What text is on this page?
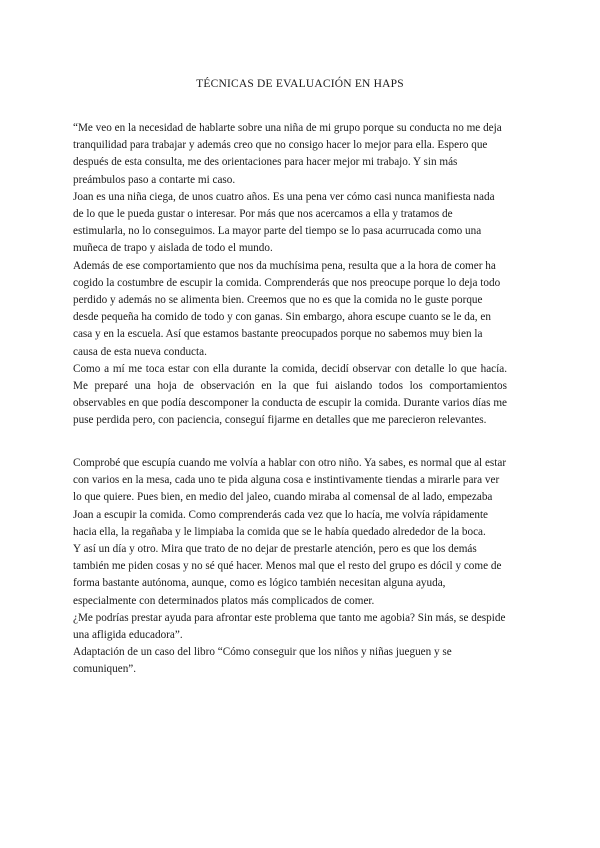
TÉCNICAS DE EVALUACIÓN EN HAPS

“Me veo en la necesidad de hablarte sobre una niña de mi grupo porque su conducta no me deja tranquilidad para trabajar y además creo que no consigo hacer lo mejor para ella. Espero que después de esta consulta, me des orientaciones para hacer mejor mi trabajo. Y sin más preámbulos paso a contarte mi caso.

Joan es una niña ciega, de unos cuatro años. Es una pena ver cómo casi nunca manifiesta nada de lo que le pueda gustar o interesar. Por más que nos acercamos a ella y tratamos de estimularla, no lo conseguimos. La mayor parte del tiempo se lo pasa acurrucada como una muñeca de trapo y aislada de todo el mundo.

Además de ese comportamiento que nos da muchísima pena, resulta que a la hora de comer ha cogido la costumbre de escupir la comida. Comprenderás que nos preocupe porque lo deja todo perdido y además no se alimenta bien. Creemos que no es que la comida no le guste porque desde pequeña ha comido de todo y con ganas. Sin embargo, ahora escupe cuanto se le da, en casa y en la escuela. Así que estamos bastante preocupados porque no sabemos muy bien la causa de esta nueva conducta.

Como a mí me toca estar con ella durante la comida, decidí observar con detalle lo que hacía. Me preparé una hoja de observación en la que fui aislando todos los comportamientos observables en que podía descomponer la conducta de escupir la comida. Durante varios días me puse perdida pero, con paciencia, conseguí fijarme en detalles que me parecieron relevantes.

Comprobé que escupía cuando me volvía a hablar con otro niño. Ya sabes, es normal que al estar con varios en la mesa, cada uno te pida alguna cosa e instintivamente tiendas a mirarle para ver lo que quiere. Pues bien, en medio del jaleo, cuando miraba al comensal de al lado, empezaba Joan a escupir la comida. Como comprenderás cada vez que lo hacía, me volvía rápidamente hacia ella, la regañaba y le limpiaba la comida que se le había quedado alrededor de la boca.

Y así un día y otro. Mira que trato de no dejar de prestarle atención, pero es que los demás también me piden cosas y no sé qué hacer. Menos mal que el resto del grupo es dócil y come de forma bastante autónoma, aunque, como es lógico también necesitan alguna ayuda, especialmente con determinados platos más complicados de comer.

¿Me podrías prestar ayuda para afrontar este problema que tanto me agobia? Sin más, se despide una afligida educadora”.

Adaptación de un caso del libro “Cómo conseguir que los niños y niñas jueguen y se comuniquen”.
